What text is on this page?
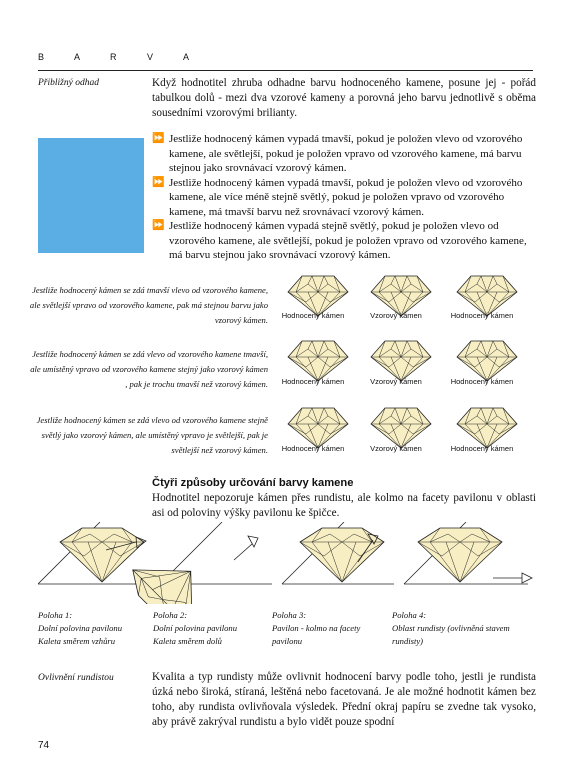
B A R V A
Přibližný odhad	Když hodnotitel zhruba odhadne barvu hodnoceného kamene, posune jej - pořád tabulkou dolů - mezi dva vzorové kameny a porovná jeho barvu jednotlivě s oběma sousedními vzorovými brilianty.
⏩ Jestliže hodnocený kámen vypadá tmavší, pokud je položen vlevo od vzorového kamene, ale světlejší, pokud je položen vpravo od vzorového kamene, má barvu stejnou jako srovnávací vzorový kámen.
⏩ Jestliže hodnocený kámen vypadá tmavší, pokud je položen vlevo od vzorového kamene, ale více méně stejně světlý, pokud je položen vpravo od vzorového kamene, má tmavší barvu než srovnávací vzorový kámen.
⏩ Jestliže hodnocený kámen vypadá stejně světlý, pokud je položen vlevo od vzorového kamene, ale světlejší, pokud je položen vpravo od vzorového kamene, má barvu stejnou jako srovnávací vzorový kámen.
Jestliže hodnocený kámen se zdá tmavší vlevo od vzorového kamene, ale světlejší vpravo od vzorového kamene, pak má stejnou barvu jako vzorový kámen.
Jestliže hodnocený kámen se zdá vlevo od vzorového kamene tmavší, ale umístěný vpravo od vzorového kamene stejný jako vzorový kámen , pak je trochu tmavší než vzorový kámen.
Jestliže hodnocený kámen se zdá vlevo od vzorového kamene stejně světlý jako vzorový kámen, ale umístěný vpravo je světlejší, pak je světlejší než vzorový kámen.
Hodnocený kámen	Vzorový kámen	Hodnocený kámen
Hodnocený kámen	Vzorový kámen	Hodnocený kámen
Hodnocený kámen	Vzorový kámen	Hodnocený kámen
Čtyři způsoby určování barvy kamene
Hodnotitel nepozoruje kámen přes rundistu, ale kolmo na facety pavilonu v oblasti asi od poloviny výšky pavilonu ke špičce.
Poloha 1:
Dolní polovina pavilonu
Kaleta směrem vzhůru
Poloha 2:
Dolní polovina pavilonu
Kaleta směrem dolů
Poloha 3:
Pavilon - kolmo na facety
pavilonu
Poloha 4:
Oblast rundisty (ovlivněná stavem
rundisty)
Ovlivnění rundistou	Kvalita a typ rundisty může ovlivnit hodnocení barvy podle toho, jestli je rundista úzká nebo široká, stíraná, leštěná nebo facetovaná. Je ale možné hodnotit kámen bez toho, aby rundista ovlivňovala výsledek. Přední okraj papíru se zvedne tak vysoko, aby právě zakrýval rundistu a bylo vidět pouze spodní
74
